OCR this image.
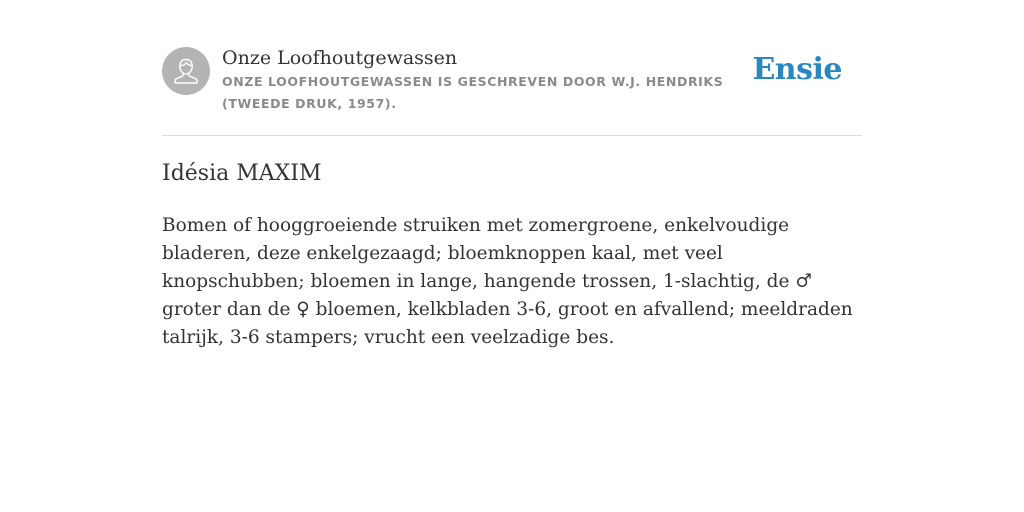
Onze Loofhoutgewassen
ONZE LOOFHOUTGEWASSEN IS GESCHREVEN DOOR W.J. HENDRIKS (TWEEDE DRUK, 1957).
Ensie
Idésia MAXIM

Bomen of hooggroeiende struiken met zomergroene, enkelvoudige bladeren, deze enkelgezaagd; bloemknoppen kaal, met veel knopschubben; bloemen in lange, hangende trossen, 1-slachtig, de ♂ groter dan de ♀ bloemen, kelkbladen 3-6, groot en afvallend; meeldraden talrijk, 3-6 stampers; vrucht een veelzadige bes.
